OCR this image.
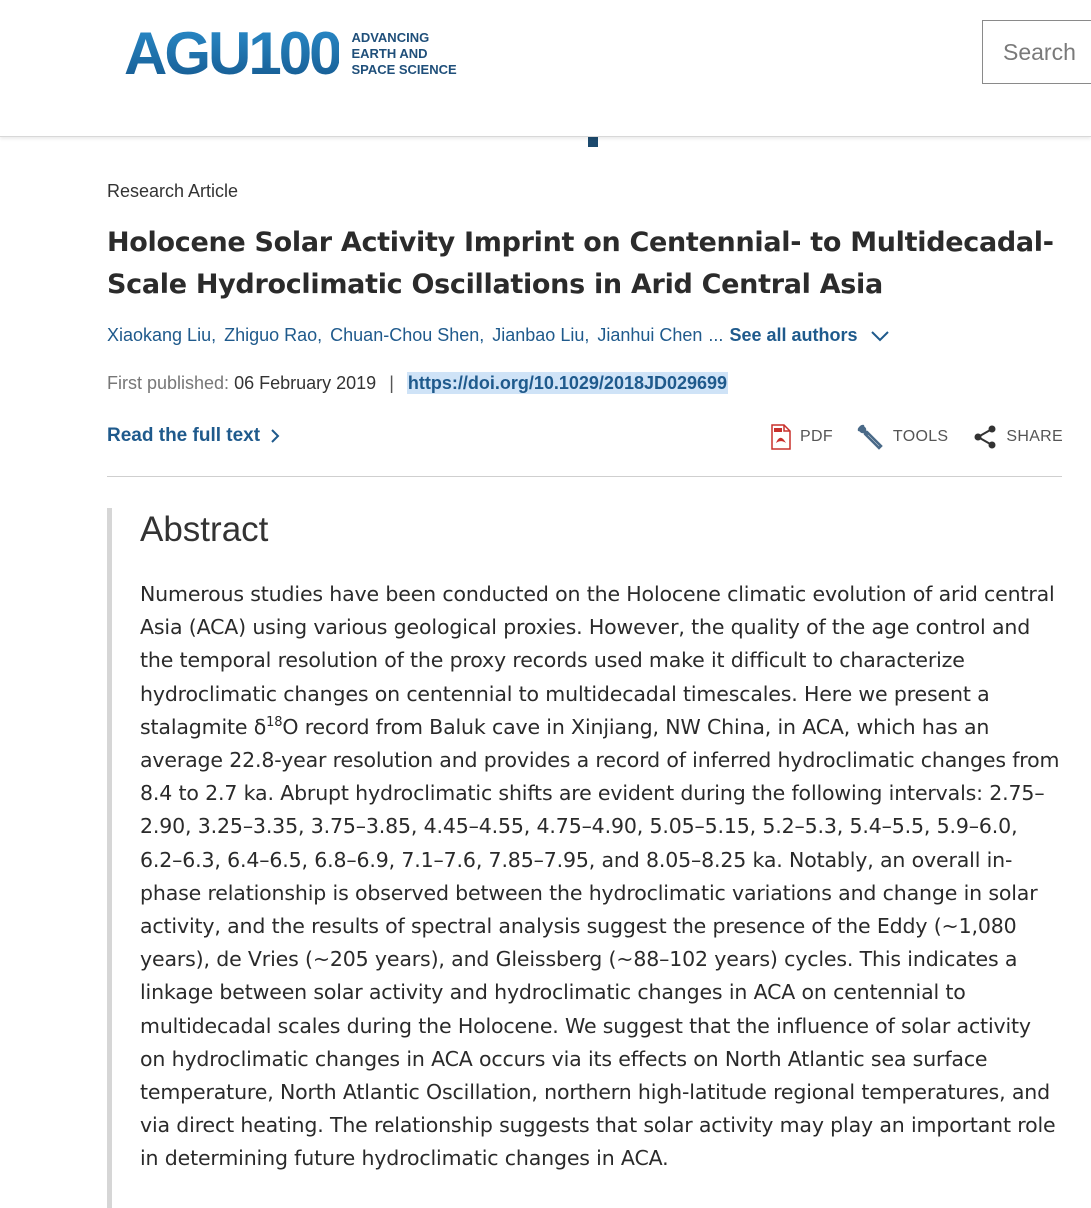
AGU100 ADVANCING
EARTH AND
SPACE SCIENCE
Search
Research Article
Holocene Solar Activity Imprint on Centennial- to Multidecadal-Scale Hydroclimatic Oscillations in Arid Central Asia
Xiaokang Liu, Zhiguo Rao, Chuan-Chou Shen, Jianbao Liu, Jianhui Chen ... See all authors
First published: 06 February 2019 | https://doi.org/10.1029/2018JD029699
Read the full text	PDF	TOOLS	SHARE
Abstract

Numerous studies have been conducted on the Holocene climatic evolution of arid central Asia (ACA) using various geological proxies. However, the quality of the age control and the temporal resolution of the proxy records used make it difficult to characterize hydroclimatic changes on centennial to multidecadal timescales. Here we present a stalagmite $\delta^{18}O$ record from Baluk cave in Xinjiang, NW China, in ACA, which has an average 22.8-year resolution and provides a record of inferred hydroclimatic changes from 8.4 to 2.7 ka. Abrupt hydroclimatic shifts are evident during the following intervals: 2.75–2.90, 3.25–3.35, 3.75–3.85, 4.45–4.55, 4.75–4.90, 5.05–5.15, 5.2–5.3, 5.4–5.5, 5.9–6.0, 6.2–6.3, 6.4–6.5, 6.8–6.9, 7.1–7.6, 7.85–7.95, and 8.05–8.25 ka. Notably, an overall in-phase relationship is observed between the hydroclimatic variations and change in solar activity, and the results of spectral analysis suggest the presence of the Eddy (~1,080 years), de Vries (~205 years), and Gleissberg (~88–102 years) cycles. This indicates a linkage between solar activity and hydroclimatic changes in ACA on centennial to multidecadal scales during the Holocene. We suggest that the influence of solar activity on hydroclimatic changes in ACA occurs via its effects on North Atlantic sea surface temperature, North Atlantic Oscillation, northern high-latitude regional temperatures, and via direct heating. The relationship suggests that solar activity may play an important role in determining future hydroclimatic changes in ACA.
